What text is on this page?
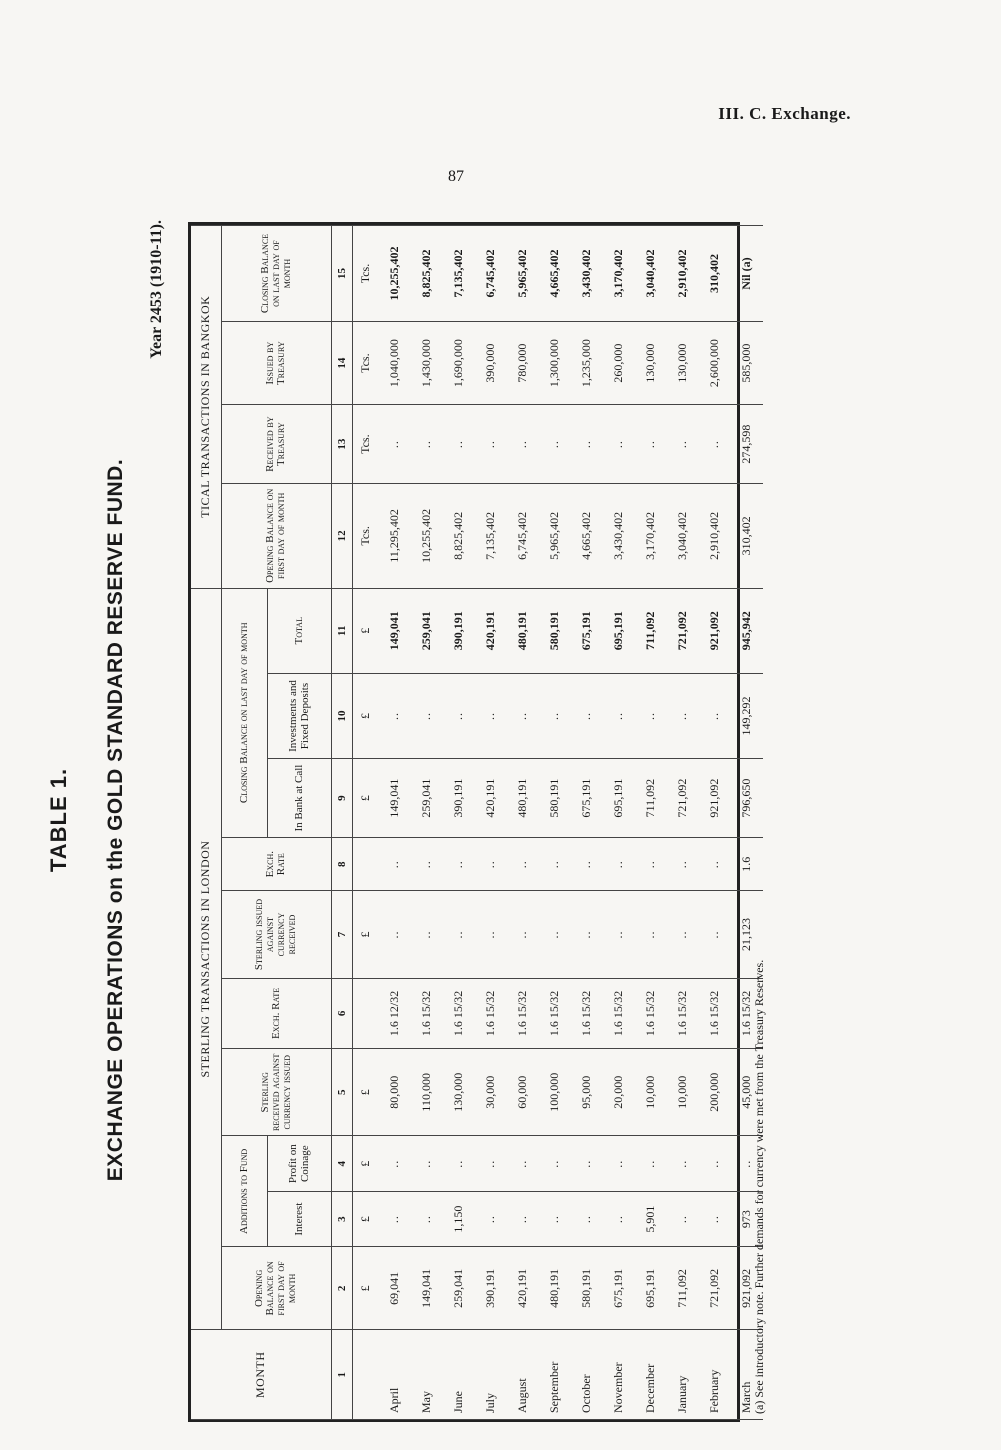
III. C. Exchange.
87
TABLE 1. EXCHANGE OPERATIONS on the GOLD STANDARD RESERVE FUND.
Year 2453 (1910-11).
MONTH	STERLING TRANSACTIONS IN LONDON										TICAL TRANSACTIONS IN BANGKOK			
	Opening Balance on first day of month	Additions to Fund		Sterling received against currency issued	Exch. Rate	Sterling issued against currency received	Exch. Rate	Closing Balance on last day of month			Opening Balance on first day of month	Received by Treasury	Issued by Treasury	Closing Balance on last day of month
		Interest	Profit on Coinage					In Bank at Call	Investments and Fixed Deposits	Total				
1	2	3	4	5	6	7	8	9	10	11	12	13	14	15
	£	£	£	£		£		£	£	£	Tcs.	Tcs.	Tcs.	Tcs.
April	69,041	..	..	80,000	1.6 12/32	..	..	149,041	..	149,041	11,295,402	..	1,040,000	10,255,402
May	149,041	..	..	110,000	1.6 15/32	..	..	259,041	..	259,041	10,255,402	..	1,430,000	8,825,402
June	259,041	1,150	..	130,000	1.6 15/32	..	..	390,191	..	390,191	8,825,402	..	1,690,000	7,135,402
July	390,191	..	..	30,000	1.6 15/32	..	..	420,191	..	420,191	7,135,402	..	390,000	6,745,402
August	420,191	..	..	60,000	1.6 15/32	..	..	480,191	..	480,191	6,745,402	..	780,000	5,965,402
September	480,191	..	..	100,000	1.6 15/32	..	..	580,191	..	580,191	5,965,402	..	1,300,000	4,665,402
October	580,191	..	..	95,000	1.6 15/32	..	..	675,191	..	675,191	4,665,402	..	1,235,000	3,430,402
November	675,191	..	..	20,000	1.6 15/32	..	..	695,191	..	695,191	3,430,402	..	260,000	3,170,402
December	695,191	5,901	..	10,000	1.6 15/32	..	..	711,092	..	711,092	3,170,402	..	130,000	3,040,402
January	711,092	..	..	10,000	1.6 15/32	..	..	721,092	..	721,092	3,040,402	..	130,000	2,910,402
February	721,092	..	..	200,000	1.6 15/32	..	..	921,092	..	921,092	2,910,402	..	2,600,000	310,402
March	921,092	973	..	45,000	1.6 15/32	21,123	1.6	796,650	149,292	945,942	310,402	274,598	585,000	Nil (a)
(a) See introductory note. Further demands for currency were met from the Treasury Reserves.
